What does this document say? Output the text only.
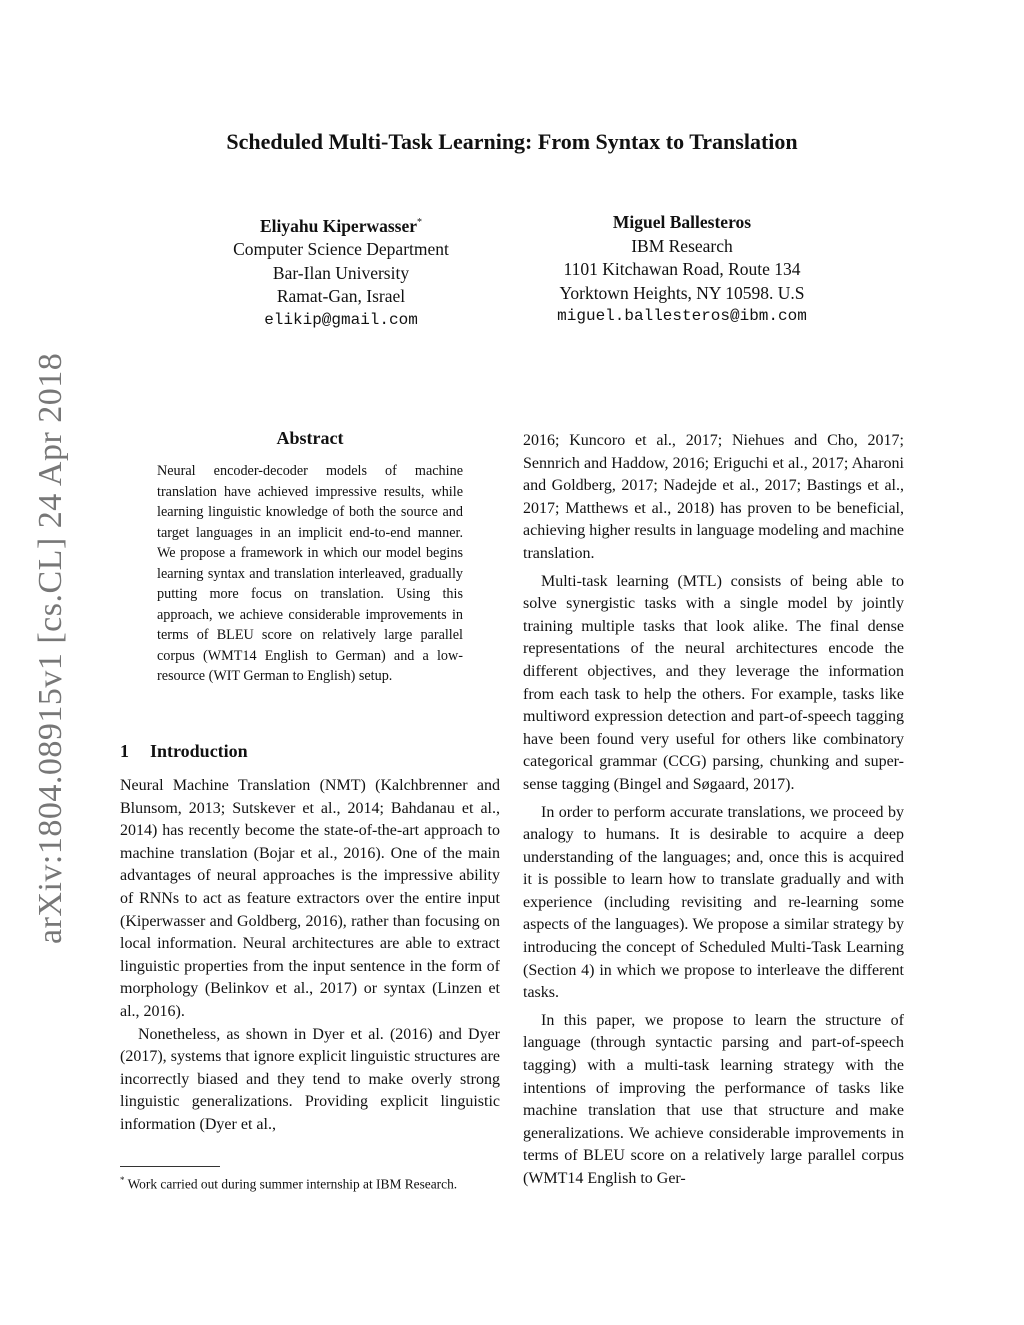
Scheduled Multi-Task Learning: From Syntax to Translation
Eliyahu Kiperwasser*
Computer Science Department
Bar-Ilan University
Ramat-Gan, Israel
elikip@gmail.com
Miguel Ballesteros
IBM Research
1101 Kitchawan Road, Route 134
Yorktown Heights, NY 10598. U.S
miguel.ballesteros@ibm.com
arXiv:1804.08915v1 [cs.CL] 24 Apr 2018	Abstract

Neural encoder-decoder models of machine translation have achieved impressive results, while learning linguistic knowledge of both the source and target languages in an implicit end-to-end manner. We propose a framework in which our model begins learning syntax and translation interleaved, gradually putting more focus on translation. Using this approach, we achieve considerable improvements in terms of BLEU score on relatively large parallel corpus (WMT14 English to German) and a low-resource (WIT German to English) setup.

1 Introduction

Neural Machine Translation (NMT) (Kalchbrenner and Blunsom, 2013; Sutskever et al., 2014; Bahdanau et al., 2014) has recently become the state-of-the-art approach to machine translation (Bojar et al., 2016). One of the main advantages of neural approaches is the impressive ability of RNNs to act as feature extractors over the entire input (Kiperwasser and Goldberg, 2016), rather than focusing on local information. Neural architectures are able to extract linguistic properties from the input sentence in the form of morphology (Belinkov et al., 2017) or syntax (Linzen et al., 2016).

Nonetheless, as shown in Dyer et al. (2016) and Dyer (2017), systems that ignore explicit linguistic structures are incorrectly biased and they tend to make overly strong linguistic generalizations. Providing explicit linguistic information (Dyer et al.,

* Work carried out during summer internship at IBM Research.

2016; Kuncoro et al., 2017; Niehues and Cho, 2017; Sennrich and Haddow, 2016; Eriguchi et al., 2017; Aharoni and Goldberg, 2017; Nadejde et al., 2017; Bastings et al., 2017; Matthews et al., 2018) has proven to be beneficial, achieving higher results in language modeling and machine translation.

Multi-task learning (MTL) consists of being able to solve synergistic tasks with a single model by jointly training multiple tasks that look alike. The final dense representations of the neural architectures encode the different objectives, and they leverage the information from each task to help the others. For example, tasks like multiword expression detection and part-of-speech tagging have been found very useful for others like combinatory categorical grammar (CCG) parsing, chunking and super-sense tagging (Bingel and Søgaard, 2017).

In order to perform accurate translations, we proceed by analogy to humans. It is desirable to acquire a deep understanding of the languages; and, once this is acquired it is possible to learn how to translate gradually and with experience (including revisiting and re-learning some aspects of the languages). We propose a similar strategy by introducing the concept of Scheduled Multi-Task Learning (Section 4) in which we propose to interleave the different tasks.

In this paper, we propose to learn the structure of language (through syntactic parsing and part-of-speech tagging) with a multi-task learning strategy with the intentions of improving the performance of tasks like machine translation that use that structure and make generalizations. We achieve considerable improvements in terms of BLEU score on a relatively large parallel corpus (WMT14 English to Ger-
